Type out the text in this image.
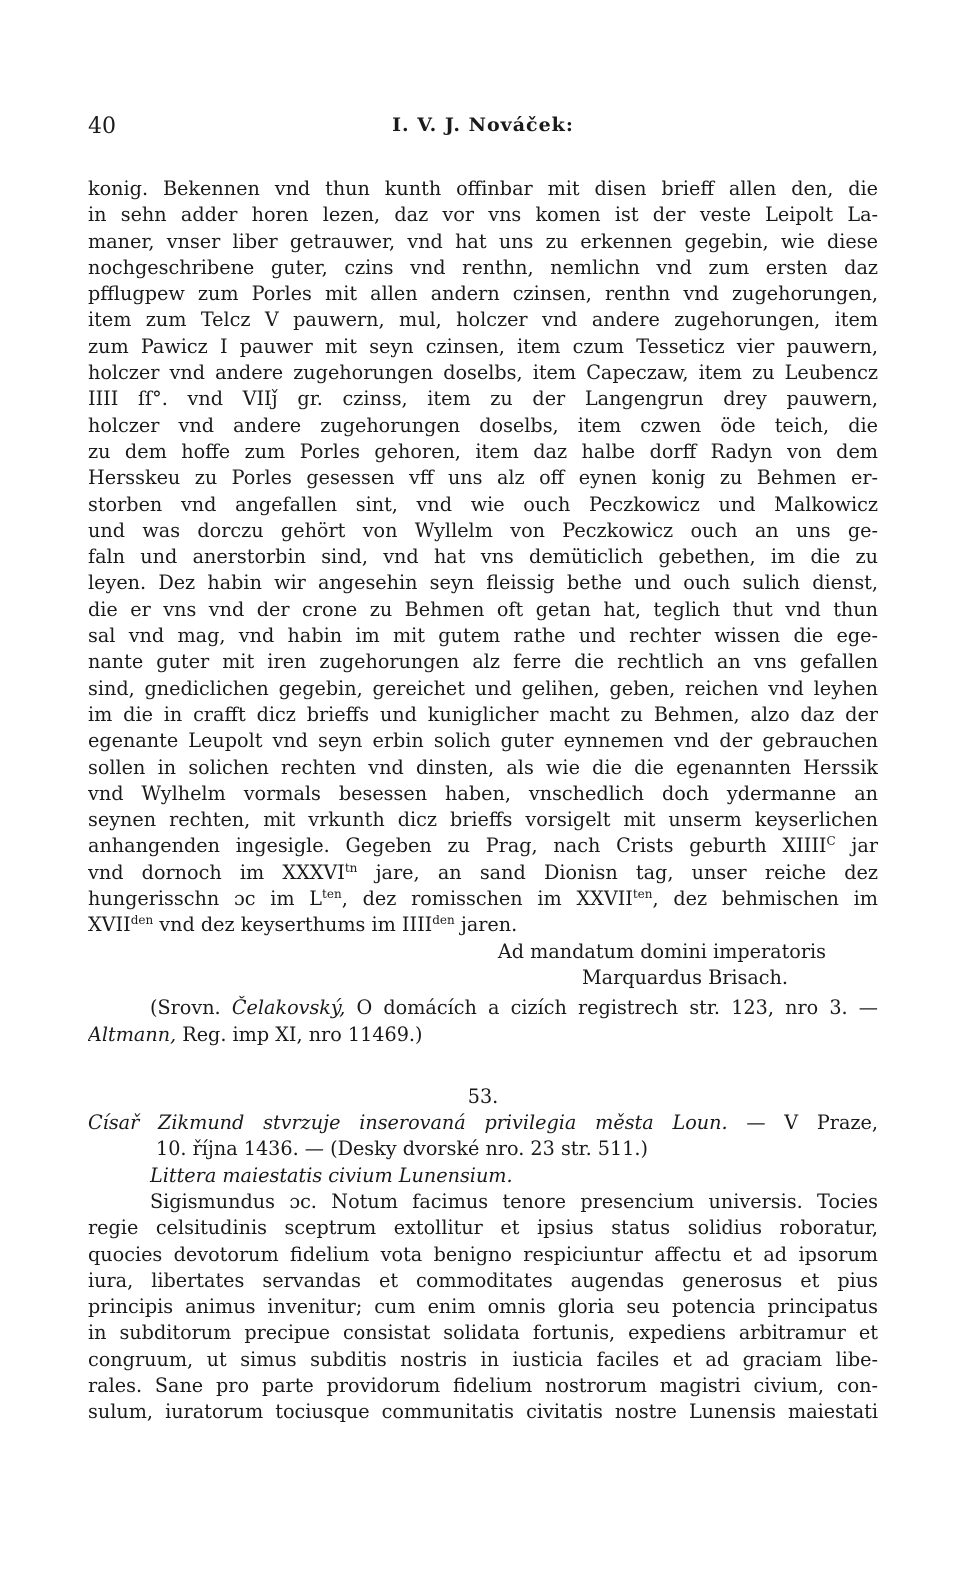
40	I. V. J. Nováček:
konig. Bekennen vnd thun kunth offinbar mit disen brieff allen den, die
in sehn adder horen lezen, daz vor vns komen ist der veste Leipolt La-
maner, vnser liber getrauwer, vnd hat uns zu erkennen gegebin, wie diese
nochgeschribene guter, czins vnd renthn, nemlichn vnd zum ersten daz
pfflugpew zum Porles mit allen andern czinsen, renthn vnd zugehorungen,
item zum Telcz V pauwern, mul, holczer vnd andere zugehorungen, item
zum Pawicz I pauwer mit seyn czinsen, item czum Tesseticz vier pauwern,
holczer vnd andere zugehorungen doselbs, item Capeczaw, item zu Leubencz
IIII ſſ°. vnd VIIǰ gr. czinss, item zu der Langengrun drey pauwern,
holczer vnd andere zugehorungen doselbs, item czwen öde teich, die
zu dem hoffe zum Porles gehoren, item daz halbe dorff Radyn von dem
Hersskeu zu Porles gesessen vff uns alz off eynen konig zu Behmen er-
storben vnd angefallen sint, vnd wie ouch Peczkowicz und Malkowicz
und was dorczu gehört von Wyllelm von Peczkowicz ouch an uns ge-
faln und anerstorbin sind, vnd hat vns demüticlich gebethen, im die zu
leyen. Dez habin wir angesehin seyn fleissig bethe und ouch sulich dienst,
die er vns vnd der crone zu Behmen oft getan hat, teglich thut vnd thun
sal vnd mag, vnd habin im mit gutem rathe und rechter wissen die ege-
nante guter mit iren zugehorungen alz ferre die rechtlich an vns gefallen
sind, gnediclichen gegebin, gereichet und gelihen, geben, reichen vnd leyhen
im die in crafft dicz brieffs und kuniglicher macht zu Behmen, alzo daz der
egenante Leupolt vnd seyn erbin solich guter eynnemen vnd der gebrauchen
sollen in solichen rechten vnd dinsten, als wie die die egenannten Herssik
vnd Wylhelm vormals besessen haben, vnschedlich doch ydermanne an
seynen rechten, mit vrkunth dicz brieffs vorsigelt mit unserm keyserlichen
anhangenden ingesigle. Gegeben zu Prag, nach Crists geburth $XIIII^C$ jar
vnd dornoch im $XXXVI^{tn}$ jare, an sand Dionisn tag, unser reiche dez
hungerisschn ɔc im $L^{ten}$, dez romisschen im $XXVII^{ten}$, dez behmischen im
$XVII^{den}$ vnd dez keyserthums im $IIII^{den}$ jaren.
Ad mandatum domini imperatoris
Marquardus Brisach.
(Srovn. Čelakovský, O domácích a cizích registrech str. 123, nro 3. —
Altmann, Reg. imp XI, nro 11469.)
53.
Císař Zikmund stvrzuje inserovaná privilegia města Loun. — V Praze,
10. října 1436. — (Desky dvorské nro. 23 str. 511.)
Littera maiestatis civium Lunensium.
Sigismundus ɔc. Notum facimus tenore presencium universis. Tocies
regie celsitudinis sceptrum extollitur et ipsius status solidius roboratur,
quocies devotorum fidelium vota benigno respiciuntur affectu et ad ipsorum
iura, libertates servandas et commoditates augendas generosus et pius
principis animus invenitur; cum enim omnis gloria seu potencia principatus
in subditorum precipue consistat solidata fortunis, expediens arbitramur et
congruum, ut simus subditis nostris in iusticia faciles et ad graciam libe-
rales. Sane pro parte providorum fidelium nostrorum magistri civium, con-
sulum, iuratorum tociusque communitatis civitatis nostre Lunensis maiestati
